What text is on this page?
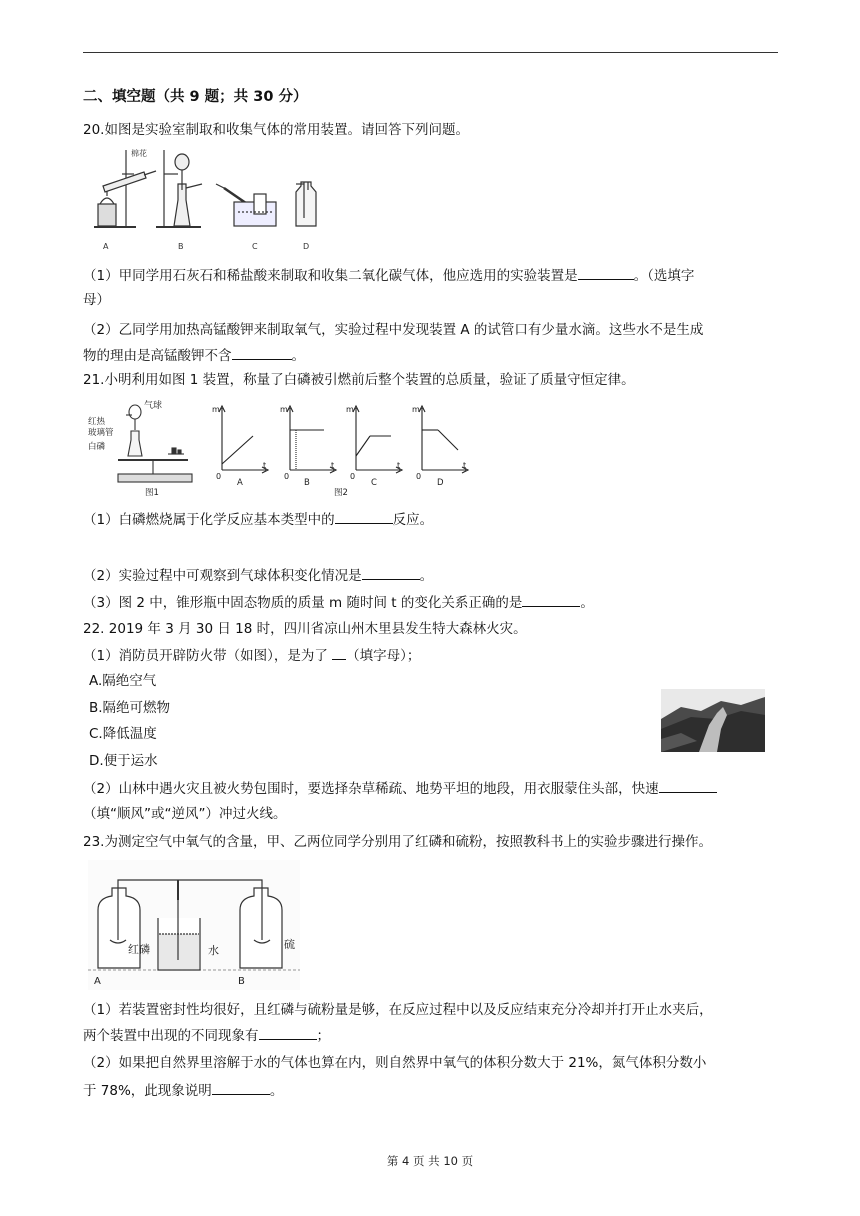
二、填空题（共 9 题；共 30 分）
20.如图是实验室制取和收集气体的常用装置。请回答下列问题。
棉花
A	B	C	D
（1）甲同学用石灰石和稀盐酸来制取和收集二氧化碳气体，他应选用的实验装置是	。（选填字
母）
（2）乙同学用加热高锰酸钾来制取氧气，实验过程中发现装置 A 的试管口有少量水滴。这些水不是生成
物的理由是高锰酸钾不含	。
21.小明利用如图 1 装置，称量了白磷被引燃前后整个装置的总质量，验证了质量守恒定律。
气球
红热
玻璃管
白磷
图1	图2
m	m	m	m
t	t	t	t
0	0	0	0
A	B	C	D
（1）白磷燃烧属于化学反应基本类型中的	反应。
（2）实验过程中可观察到气球体积变化情况是	。
（3）图 2 中，锥形瓶中固态物质的质量 m 随时间 t 的变化关系正确的是	。
22. 2019 年 3 月 30 日 18 时，四川省凉山州木里县发生特大森林火灾。
（1）消防员开辟防火带（如图），是为了 （填字母）；
A.隔绝空气
B.隔绝可燃物
C.降低温度
D.便于运水
（2）山林中遇火灾且被火势包围时，要选择杂草稀疏、地势平坦的地段，用衣服蒙住头部，快速
（填“顺风”或“逆风”）冲过火线。
23.为测定空气中氧气的含量，甲、乙两位同学分别用了红磷和硫粉，按照教科书上的实验步骤进行操作。
红磷	水	硫
A	B
（1）若装置密封性均很好，且红磷与硫粉量是够，在反应过程中以及反应结束充分冷却并打开止水夹后，
两个装置中出现的不同现象有	；
（2）如果把自然界里溶解于水的气体也算在内，则自然界中氧气的体积分数大于 21%，氮气体积分数小
于 78%，此现象说明	。
第 4 页 共 10 页
